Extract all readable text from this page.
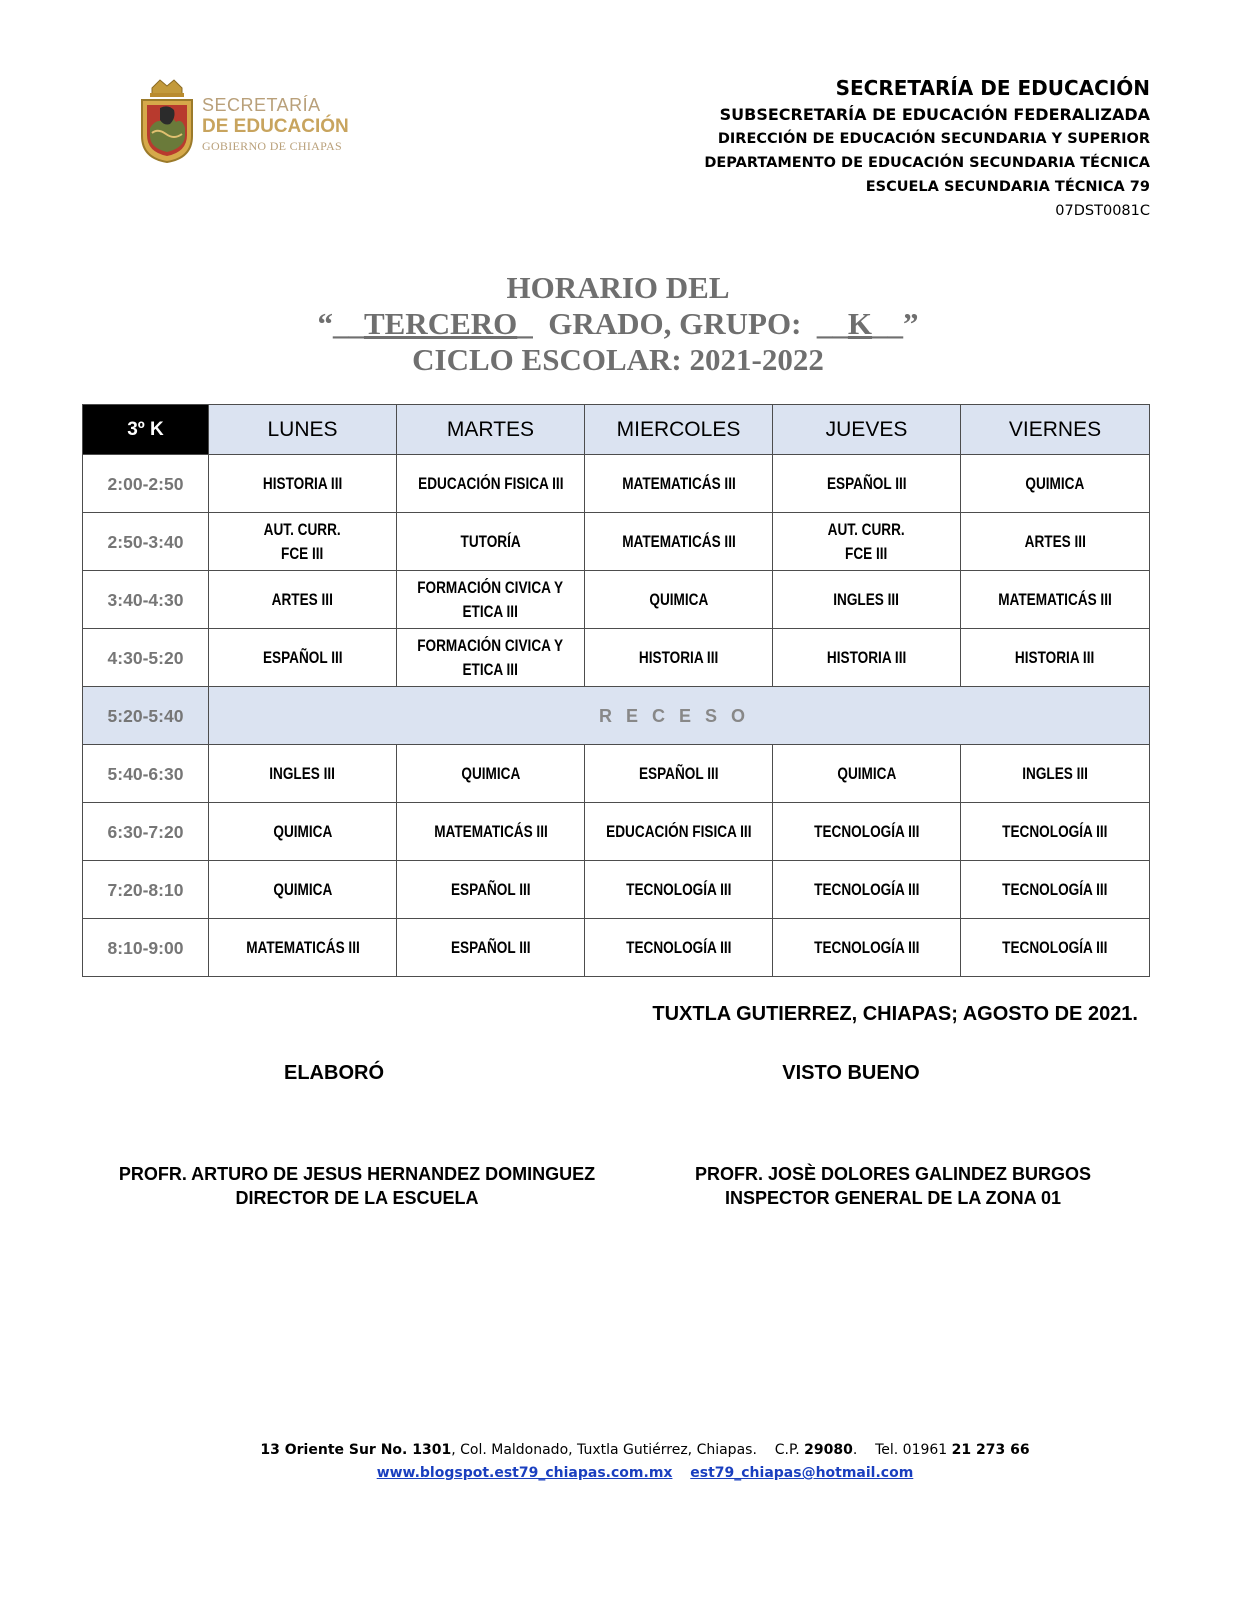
SECRETARÍA
DE EDUCACIÓN
GOBIERNO DE CHIAPAS
SECRETARÍA DE EDUCACIÓN
SUBSECRETARÍA DE EDUCACIÓN FEDERALIZADA
DIRECCIÓN DE EDUCACIÓN SECUNDARIA Y SUPERIOR
DEPARTAMENTO DE EDUCACIÓN SECUNDARIA TÉCNICA
ESCUELA SECUNDARIA TÉCNICA 79
07DST0081C
HORARIO DEL
“__TERCERO_  GRADO, GRUPO:  __K__”
CICLO ESCOLAR: 2021-2022
3º K	LUNES	MARTES	MIERCOLES	JUEVES	VIERNES
2:00-2:50	HISTORIA III	EDUCACIÓN FISICA III	MATEMATICÁS III	ESPAÑOL III	QUIMICA
2:50-3:40	AUT. CURR.
FCE III	TUTORÍA	MATEMATICÁS III	AUT. CURR.
FCE III	ARTES III
3:40-4:30	ARTES III	FORMACIÓN CIVICA Y
ETICA III	QUIMICA	INGLES III	MATEMATICÁS III
4:30-5:20	ESPAÑOL III	FORMACIÓN CIVICA Y
ETICA III	HISTORIA III	HISTORIA III	HISTORIA III
5:20-5:40	RECESO				
5:40-6:30	INGLES III	QUIMICA	ESPAÑOL III	QUIMICA	INGLES III
6:30-7:20	QUIMICA	MATEMATICÁS III	EDUCACIÓN FISICA III	TECNOLOGÍA III	TECNOLOGÍA III
7:20-8:10	QUIMICA	ESPAÑOL III	TECNOLOGÍA III	TECNOLOGÍA III	TECNOLOGÍA III
8:10-9:00	MATEMATICÁS III	ESPAÑOL III	TECNOLOGÍA III	TECNOLOGÍA III	TECNOLOGÍA III
TUXTLA GUTIERREZ, CHIAPAS; AGOSTO DE 2021.
ELABORÓ	VISTO BUENO
PROFR. ARTURO DE JESUS HERNANDEZ DOMINGUEZ
DIRECTOR DE LA ESCUELA
PROFR. JOSÈ DOLORES GALINDEZ BURGOS
INSPECTOR GENERAL DE LA ZONA 01
13 Oriente Sur No. 1301, Col. Maldonado, Tuxtla Gutiérrez, Chiapas. C.P. 29080.    Tel. 01961 21 273 66
www.blogspot.est79_chiapas.com.mx est79_chiapas@hotmail.com
